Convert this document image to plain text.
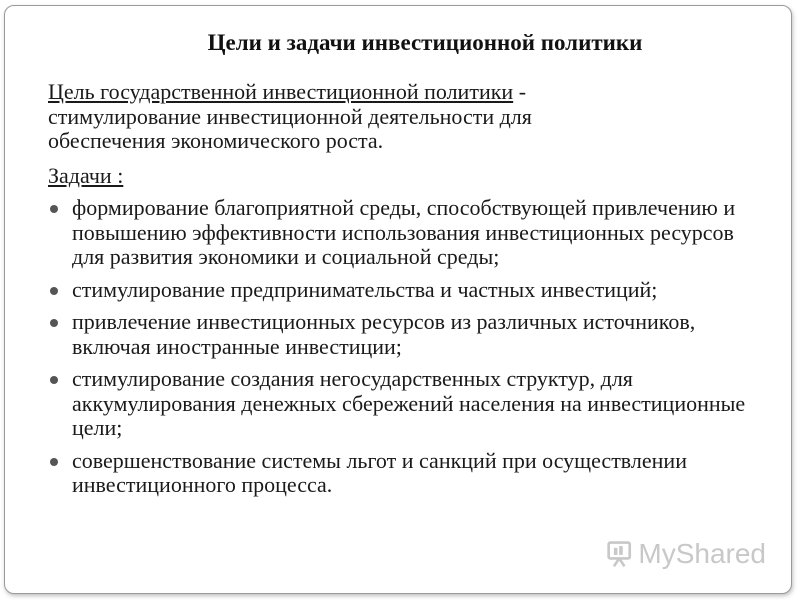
Цели и задачи инвестиционной политики

Цель государственной инвестиционной политики -
стимулирование инвестиционной деятельности для
обеспечения экономического роста.

Задачи :

формирование благоприятной среды, способствующей привлечению и повышению эффективности использования инвестиционных ресурсов для развития экономики и социальной среды;
стимулирование предпринимательства и частных инвестиций;
привлечение инвестиционных ресурсов из различных источников, включая иностранные инвестиции;
стимулирование создания негосударственных структур, для аккумулирования денежных сбережений населения на инвестиционные цели;
совершенствование системы льгот и санкций при осуществлении инвестиционного процесса.
MyShared
